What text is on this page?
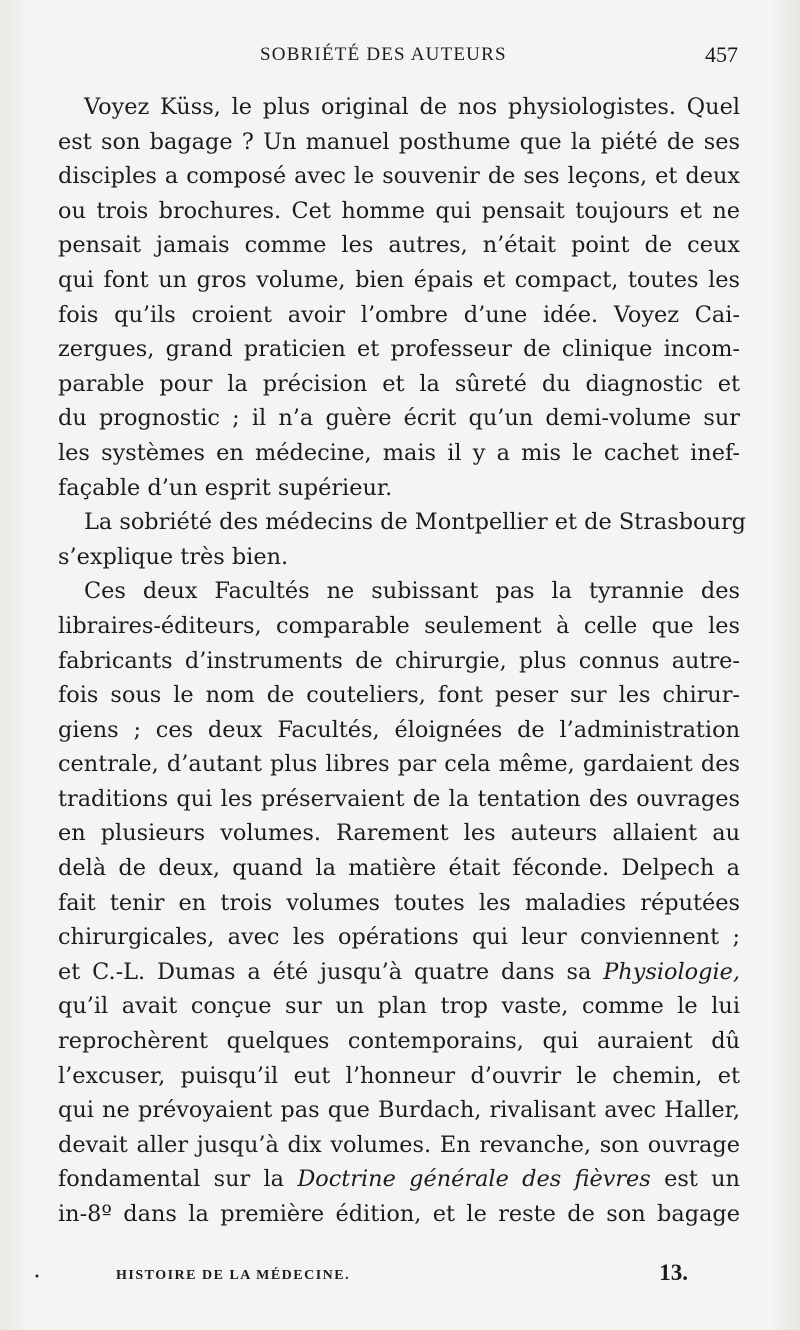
SOBRIÉTÉ DES AUTEURS	457
Voyez Küss, le plus original de nos physiologistes. Quel
est son bagage ? Un manuel posthume que la piété de ses
disciples a composé avec le souvenir de ses leçons, et deux
ou trois brochures. Cet homme qui pensait toujours et ne
pensait jamais comme les autres, n’était point de ceux
qui font un gros volume, bien épais et compact, toutes les
fois qu’ils croient avoir l’ombre d’une idée. Voyez Cai-
zergues, grand praticien et professeur de clinique incom-
parable pour la précision et la sûreté du diagnostic et
du prognostic ; il n’a guère écrit qu’un demi-volume sur
les systèmes en médecine, mais il y a mis le cachet inef-
façable d’un esprit supérieur.
La sobriété des médecins de Montpellier et de Strasbourg
s’explique très bien.
Ces deux Facultés ne subissant pas la tyrannie des
libraires-éditeurs, comparable seulement à celle que les
fabricants d’instruments de chirurgie, plus connus autre-
fois sous le nom de couteliers, font peser sur les chirur-
giens ; ces deux Facultés, éloignées de l’administration
centrale, d’autant plus libres par cela même, gardaient des
traditions qui les préservaient de la tentation des ouvrages
en plusieurs volumes. Rarement les auteurs allaient au
delà de deux, quand la matière était féconde. Delpech a
fait tenir en trois volumes toutes les maladies réputées
chirurgicales, avec les opérations qui leur conviennent ;
et C.-L. Dumas a été jusqu’à quatre dans sa Physiologie,
qu’il avait conçue sur un plan trop vaste, comme le lui
reprochèrent quelques contemporains, qui auraient dû
l’excuser, puisqu’il eut l’honneur d’ouvrir le chemin, et
qui ne prévoyaient pas que Burdach, rivalisant avec Haller,
devait aller jusqu’à dix volumes. En revanche, son ouvrage
fondamental sur la Doctrine générale des fièvres est un
in-8º dans la première édition, et le reste de son bagage
•	HISTOIRE DE LA MÉDECINE.	13.
